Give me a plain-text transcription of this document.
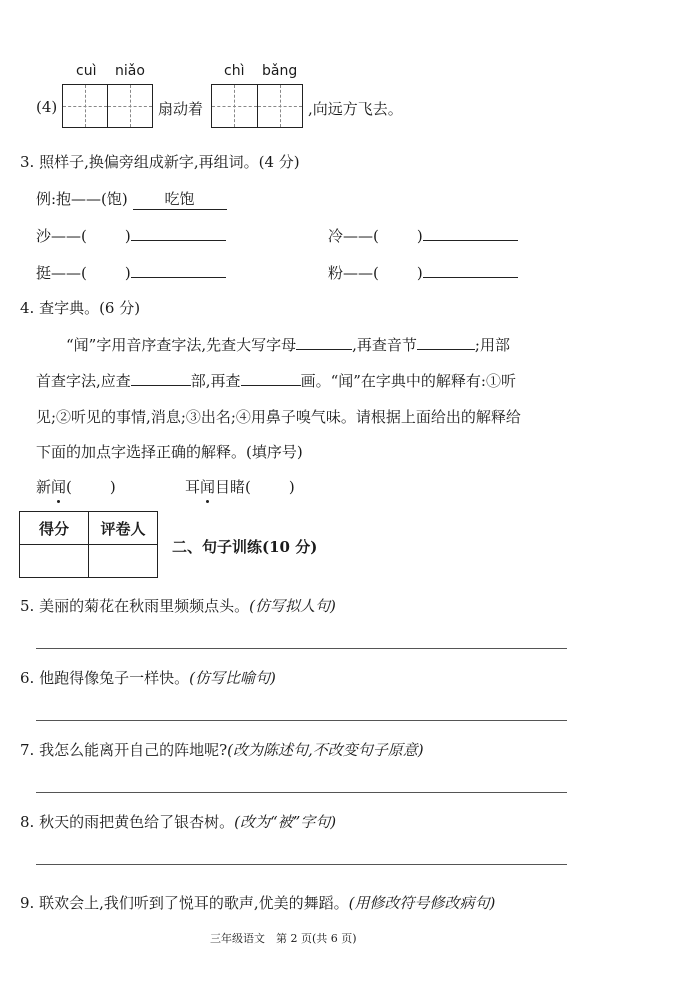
cuì niǎo	chì bǎng
(4)	扇动着	,向远方飞去。
3. 照样子,换偏旁组成新字,再组词。(4 分)
例:抱——(饱) 吃饱
沙——(	)	冷——(	)
挺——(	)	粉——(	)
4. 查字典。(6 分)
“闻”字用音序查字法,先查大写字母	,再查音节	;用部
首查字法,应查	部,再查	画。“闻”在字典中的解释有:①听
见;②听见的事情,消息;③出名;④用鼻子嗅气味。请根据上面给出的解释给
下面的加点字选择正确的解释。(填序号)
新闻(	)	耳闻目睹(	)
得分	评卷人

二、句子训练(10 分)
5. 美丽的菊花在秋雨里频频点头。(仿写拟人句)
6. 他跑得像兔子一样快。(仿写比喻句)
7. 我怎么能离开自己的阵地呢?(改为陈述句,不改变句子原意)
8. 秋天的雨把黄色给了银杏树。(改为“被”字句)
9. 联欢会上,我们听到了悦耳的歌声,优美的舞蹈。(用修改符号修改病句)
三年级语文　第 2 页(共 6 页)
